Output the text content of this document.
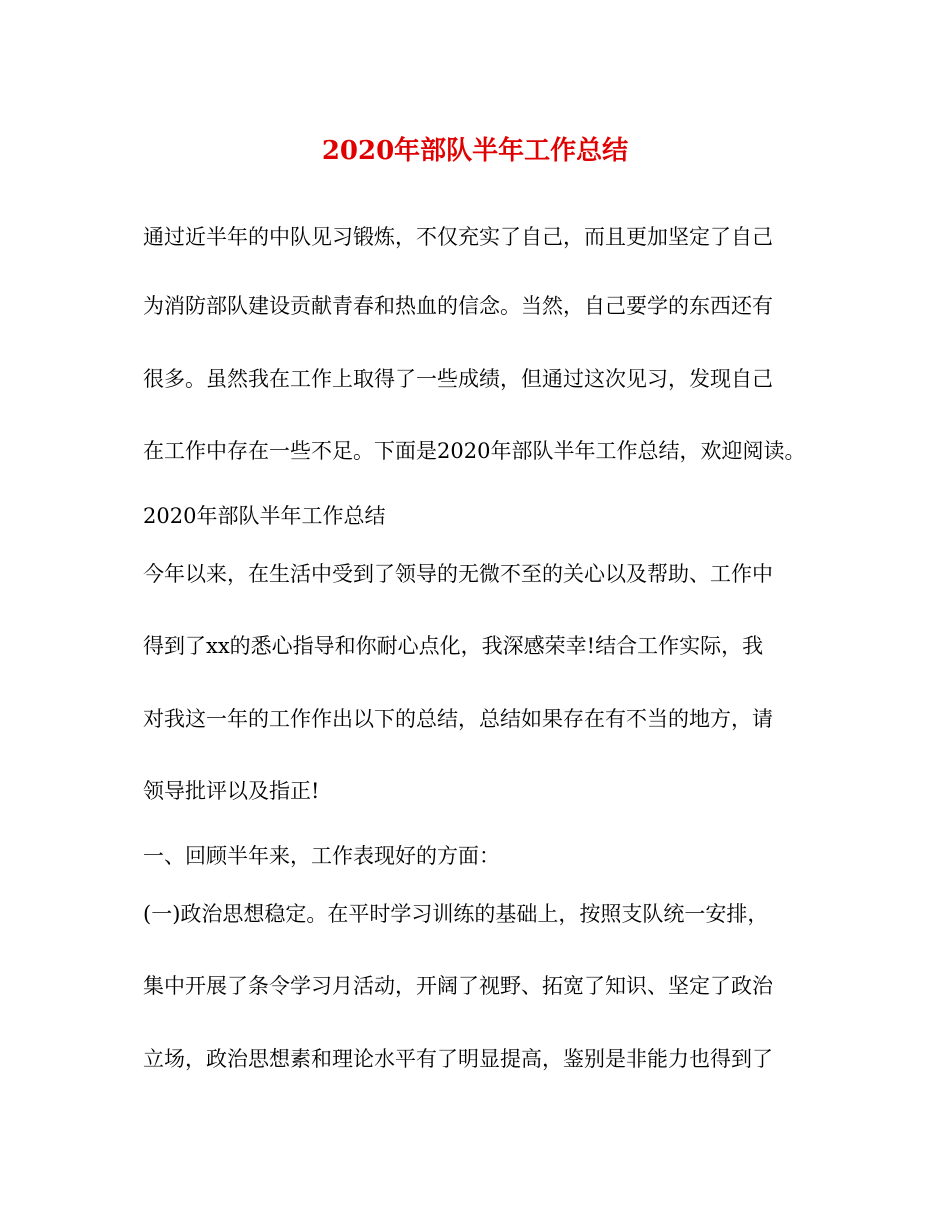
2020年部队半年工作总结
通过近半年的中队见习锻炼，不仅充实了自己，而且更加坚定了自己
为消防部队建设贡献青春和热血的信念。当然，自己要学的东西还有
很多。虽然我在工作上取得了一些成绩，但通过这次见习，发现自己
在工作中存在一些不足。下面是2020年部队半年工作总结，欢迎阅读。
2020年部队半年工作总结
今年以来，在生活中受到了领导的无微不至的关心以及帮助、工作中
得到了xx的悉心指导和你耐心点化，我深感荣幸!结合工作实际，我
对我这一年的工作作出以下的总结，总结如果存在有不当的地方，请
领导批评以及指正!
一、回顾半年来，工作表现好的方面：
(一)政治思想稳定。在平时学习训练的基础上，按照支队统一安排，
集中开展了条令学习月活动，开阔了视野、拓宽了知识、坚定了政治
立场，政治思想素和理论水平有了明显提高，鉴别是非能力也得到了
